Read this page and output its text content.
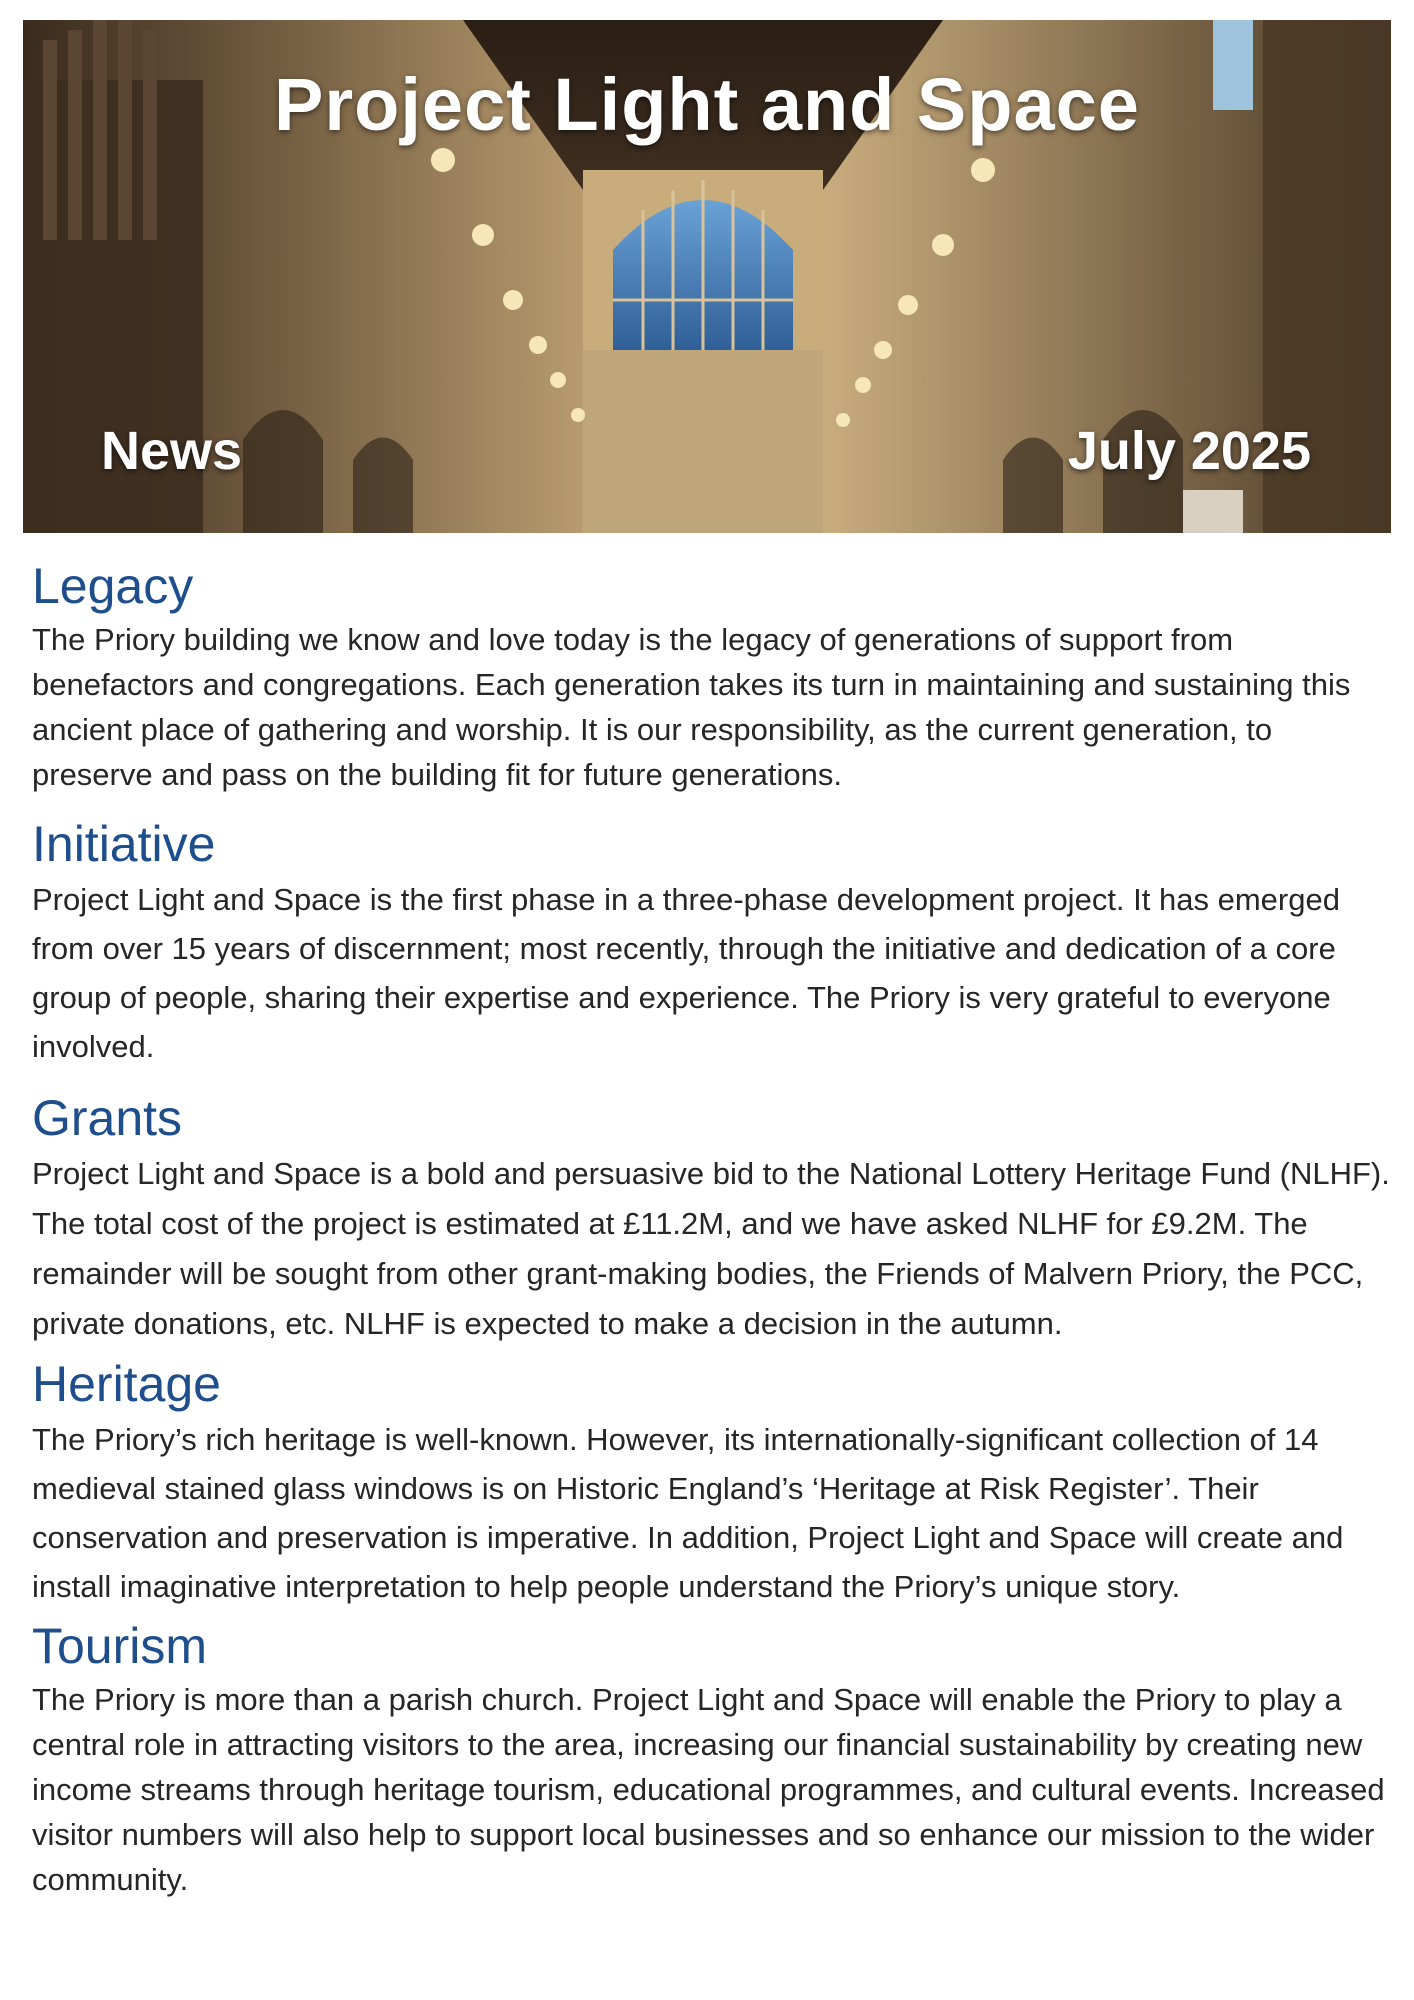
Project Light and Space
News	July 2025
Legacy

The Priory building we know and love today is the legacy of generations of support from benefactors and congregations. Each generation takes its turn in maintaining and sustaining this ancient place of gathering and worship. It is our responsibility, as the current generation, to preserve and pass on the building fit for future generations.

Initiative

Project Light and Space is the first phase in a three-phase development project. It has emerged from over 15 years of discernment; most recently, through the initiative and dedication of a core group of people, sharing their expertise and experience. The Priory is very grateful to everyone involved.

Grants

Project Light and Space is a bold and persuasive bid to the National Lottery Heritage Fund (NLHF). The total cost of the project is estimated at £11.2M, and we have asked NLHF for £9.2M. The remainder will be sought from other grant-making bodies, the Friends of Malvern Priory, the PCC, private donations, etc. NLHF is expected to make a decision in the autumn.

Heritage

The Priory’s rich heritage is well-known. However, its internationally-significant collection of 14 medieval stained glass windows is on Historic England’s ‘Heritage at Risk Register’. Their conservation and preservation is imperative. In addition, Project Light and Space will create and install imaginative interpretation to help people understand the Priory’s unique story.

Tourism

The Priory is more than a parish church. Project Light and Space will enable the Priory to play a central role in attracting visitors to the area, increasing our financial sustainability by creating new income streams through heritage tourism, educational programmes, and cultural events. Increased visitor numbers will also help to support local businesses and so enhance our mission to the wider community.
